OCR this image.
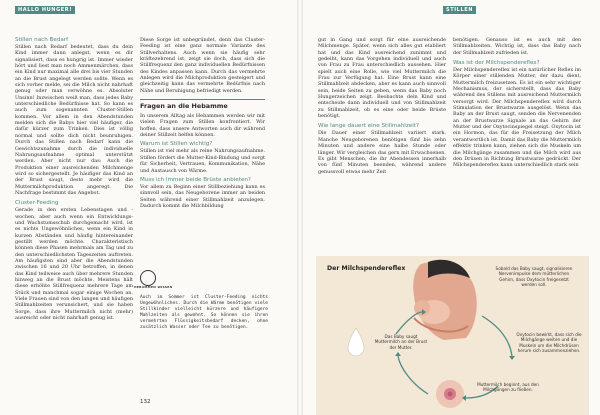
HALLO HUNGER!

Stillen nach Bedarf

Stillen nach Bedarf bedeutet, dass du dein Kind immer dann anlegst, wenn es dir signalisiert, dass es hungrig ist. Immer wieder hört und liest man noch Ammenmärchen, dass ein Kind nur maximal alle drei bis vier Stunden an die Brust angelegt werden sollte. Wenn es sich vorher melde, sei die Milch nicht nahrhaft genug oder man verwöhne es. Absoluter Unsinn! Inzwischen weiß man, dass jedes Baby unterschiedliche Bedürfnisse hat. So kann es auch zum sogenannten Cluster-Stillen kommen. Vor allem in den Abendstunden melden sich die Babys hier viel häufiger, die dafür kürzer zum Trinken. Dies ist völlig normal und sollte dich nicht beunruhigen. Durch das Stillen nach Bedarf kann die Gewichtszunahme durch die individuelle Nahrungsaufnahme optimal unterstützt werden. Aber nicht nur das: Auch die Produktion einer ausreichenden Milchmenge wird so sichergestellt. Je häufiger das Kind an der Brust saugt, desto mehr wird die Muttermilchproduktion angeregt. Die Nachfrage bestimmt das Angebot.

Cluster-Feeding

Gerade in den ersten Lebenstagen und -wochen, aber auch wenn ein Entwicklungs- und Wachstumsschub durchgemacht wird, ist es nichts Ungewöhnliches, wenn ein Kind in kurzen Abständen und häufig hintereinander gestillt werden möchte. Charakteristisch können diese Phasen mehrmals am Tag und zu den unterschiedlichsten Tageszeiten auftreten. Am häufigsten sind aber die Abendstunden zwischen 16 und 20 Uhr betroffen, in denen das Kind teilweise auch über mehrere Stunden hinweg an die Brust möchte. Meistens hält diese erhöhte Stillfrequenz mehrere Tage am Stück und manchmal sogar einige Wochen an. Viele Frauen sind von den langen und häufigen Stillmahlzeiten verunsichert, und sie haben Sorge, dass ihre Muttermilch nicht (mehr) ausreicht oder nicht nahrhaft genug ist.

Diese Sorge ist unbegründet, denn das Cluster-Feeding ist eine ganz normale Variante des Stillverhaltens. Auch wenn sie häufig sehr kräftezehrend ist, zeigt sie doch, dass sich die Stillfrequenz den ganz individuellen Bedürfnissen des Kindes anpassen kann. Durch das vermehrte Anlegen wird die Milchproduktion gesteigert und gleichzeitig kann das vermehrte Bedürfnis nach Nähe und Beruhigung befriedigt werden.

Fragen an die Hebamme

In unserem Alltag als Hebammen werden wir mit vielen Fragen zum Stillen konfrontiert. Wir hoffen, dass unsere Antworten auch dir während deiner Stillzeit helfen können.

Warum ist Stillen wichtig?

Stillen ist viel mehr als reine Nahrungsaufnahme. Stillen fördert die Mutter-Kind-Bindung und sorgt für Sicherheit, Vertrauen, Kommunikation, Nähe und Austausch von Wärme.

Muss ich immer beide Brüste anbieten?

Vor allem zu Beginn einer Stillbeziehung kann es sinnvoll sein, das Neugeborene immer an beiden Seiten während einer Stillmahlzeit anzulegen. Dadurch kommt die Milchbildung

HEBAMMEN WISSEN

Auch im Sommer ist Cluster-Feeding nichts Ungewöhnliches. Durch die Wärme benötigen viele Stillkinder vielleicht kürzere und häufigere Mahlzeiten als gewohnt. So können sie ihren vermehrten Flüssigkeitsbedarf decken, ohne zusätzlich Wasser oder Tee zu benötigen.

132
STILLEN

gut in Gang und sorgt für eine ausreichende Milchmenge. Später, wenn sich alles gut etabliert hat und das Kind ausreichend zunimmt und gedeiht, kann das Vorgehen individuell und auch von Frau zu Frau unterschiedlich aussehen. Hier spielt auch eine Rolle, wie viel Muttermilch die Frau zur Verfügung hat. Eine Brust kann eine Stillmahlzeit abdecken, aber es kann auch sinnvoll sein, beide Seiten zu geben, wenn das Baby noch Hungerzeichen zeigt. Beobachte dein Kind und entscheide dann individuell und von Stillmahlzeit zu Stillmahlzeit, ob es eine oder beide Brüste benötigt.

Wie lange dauert eine Stillmahlzeit?

Die Dauer einer Stillmahlzeit variiert stark. Manche Neugeborenen benötigen fünf bis zehn Minuten und andere eine halbe Stunde oder länger. Wir vergleichen das gern mit Erwachsenen. Es gibt Menschen, die ihr Abendessen innerhalb von fünf Minuten beenden, während andere genussvoll etwas mehr Zeit

benötigen. Genauso ist es auch mit den Stillmahlzeiten. Wichtig ist, dass das Baby nach der Stillmahlzeit zufrieden ist.

Was ist der Milchspendereflex?

Der Milchspendereflex ist ein natürlicher Reflex im Körper einer stillenden Mutter, der dazu dient, Muttermilch freizusetzen. Es ist ein sehr wichtiger Mechanismus, der sicherstellt, dass das Baby während des Stillens mit ausreichend Muttermilch versorgt wird. Der Milchspendereflex wird durch Stimulation der Brustwarze ausgelöst. Wenn das Baby an der Brust saugt, senden die Nervenenden an der Brustwarze Signale an das Gehirn der Mutter und der Oxytocinspiegel steigt. Oxytocin ist ein Hormon, das für die Freisetzung der Milch verantwortlich ist. Damit das Baby die Muttermilch effektiv trinken kann, ziehen sich die Muskeln um die Milchgänge zusammen und die Milch wird aus den Drüsen in Richtung Brustwarze gedrückt. Der Milchspendereflex kann unterschiedlich stark sein

Der Milchspendereflex	Sobald das Baby saugt, signalisieren Nervenimpulse dem mütterlichen Gehirn, dass Oxytocin freigesetzt werden soll.
Oxytocin bewirkt, dass sich die Milchgänge weiten und die Muskeln um die Milchdrüsen herum sich zusammenziehen.
Muttermilch beginnt, aus den Milchgängen zu fließen.
Das Baby saugt Muttermilch an der Brust der Mutter.
